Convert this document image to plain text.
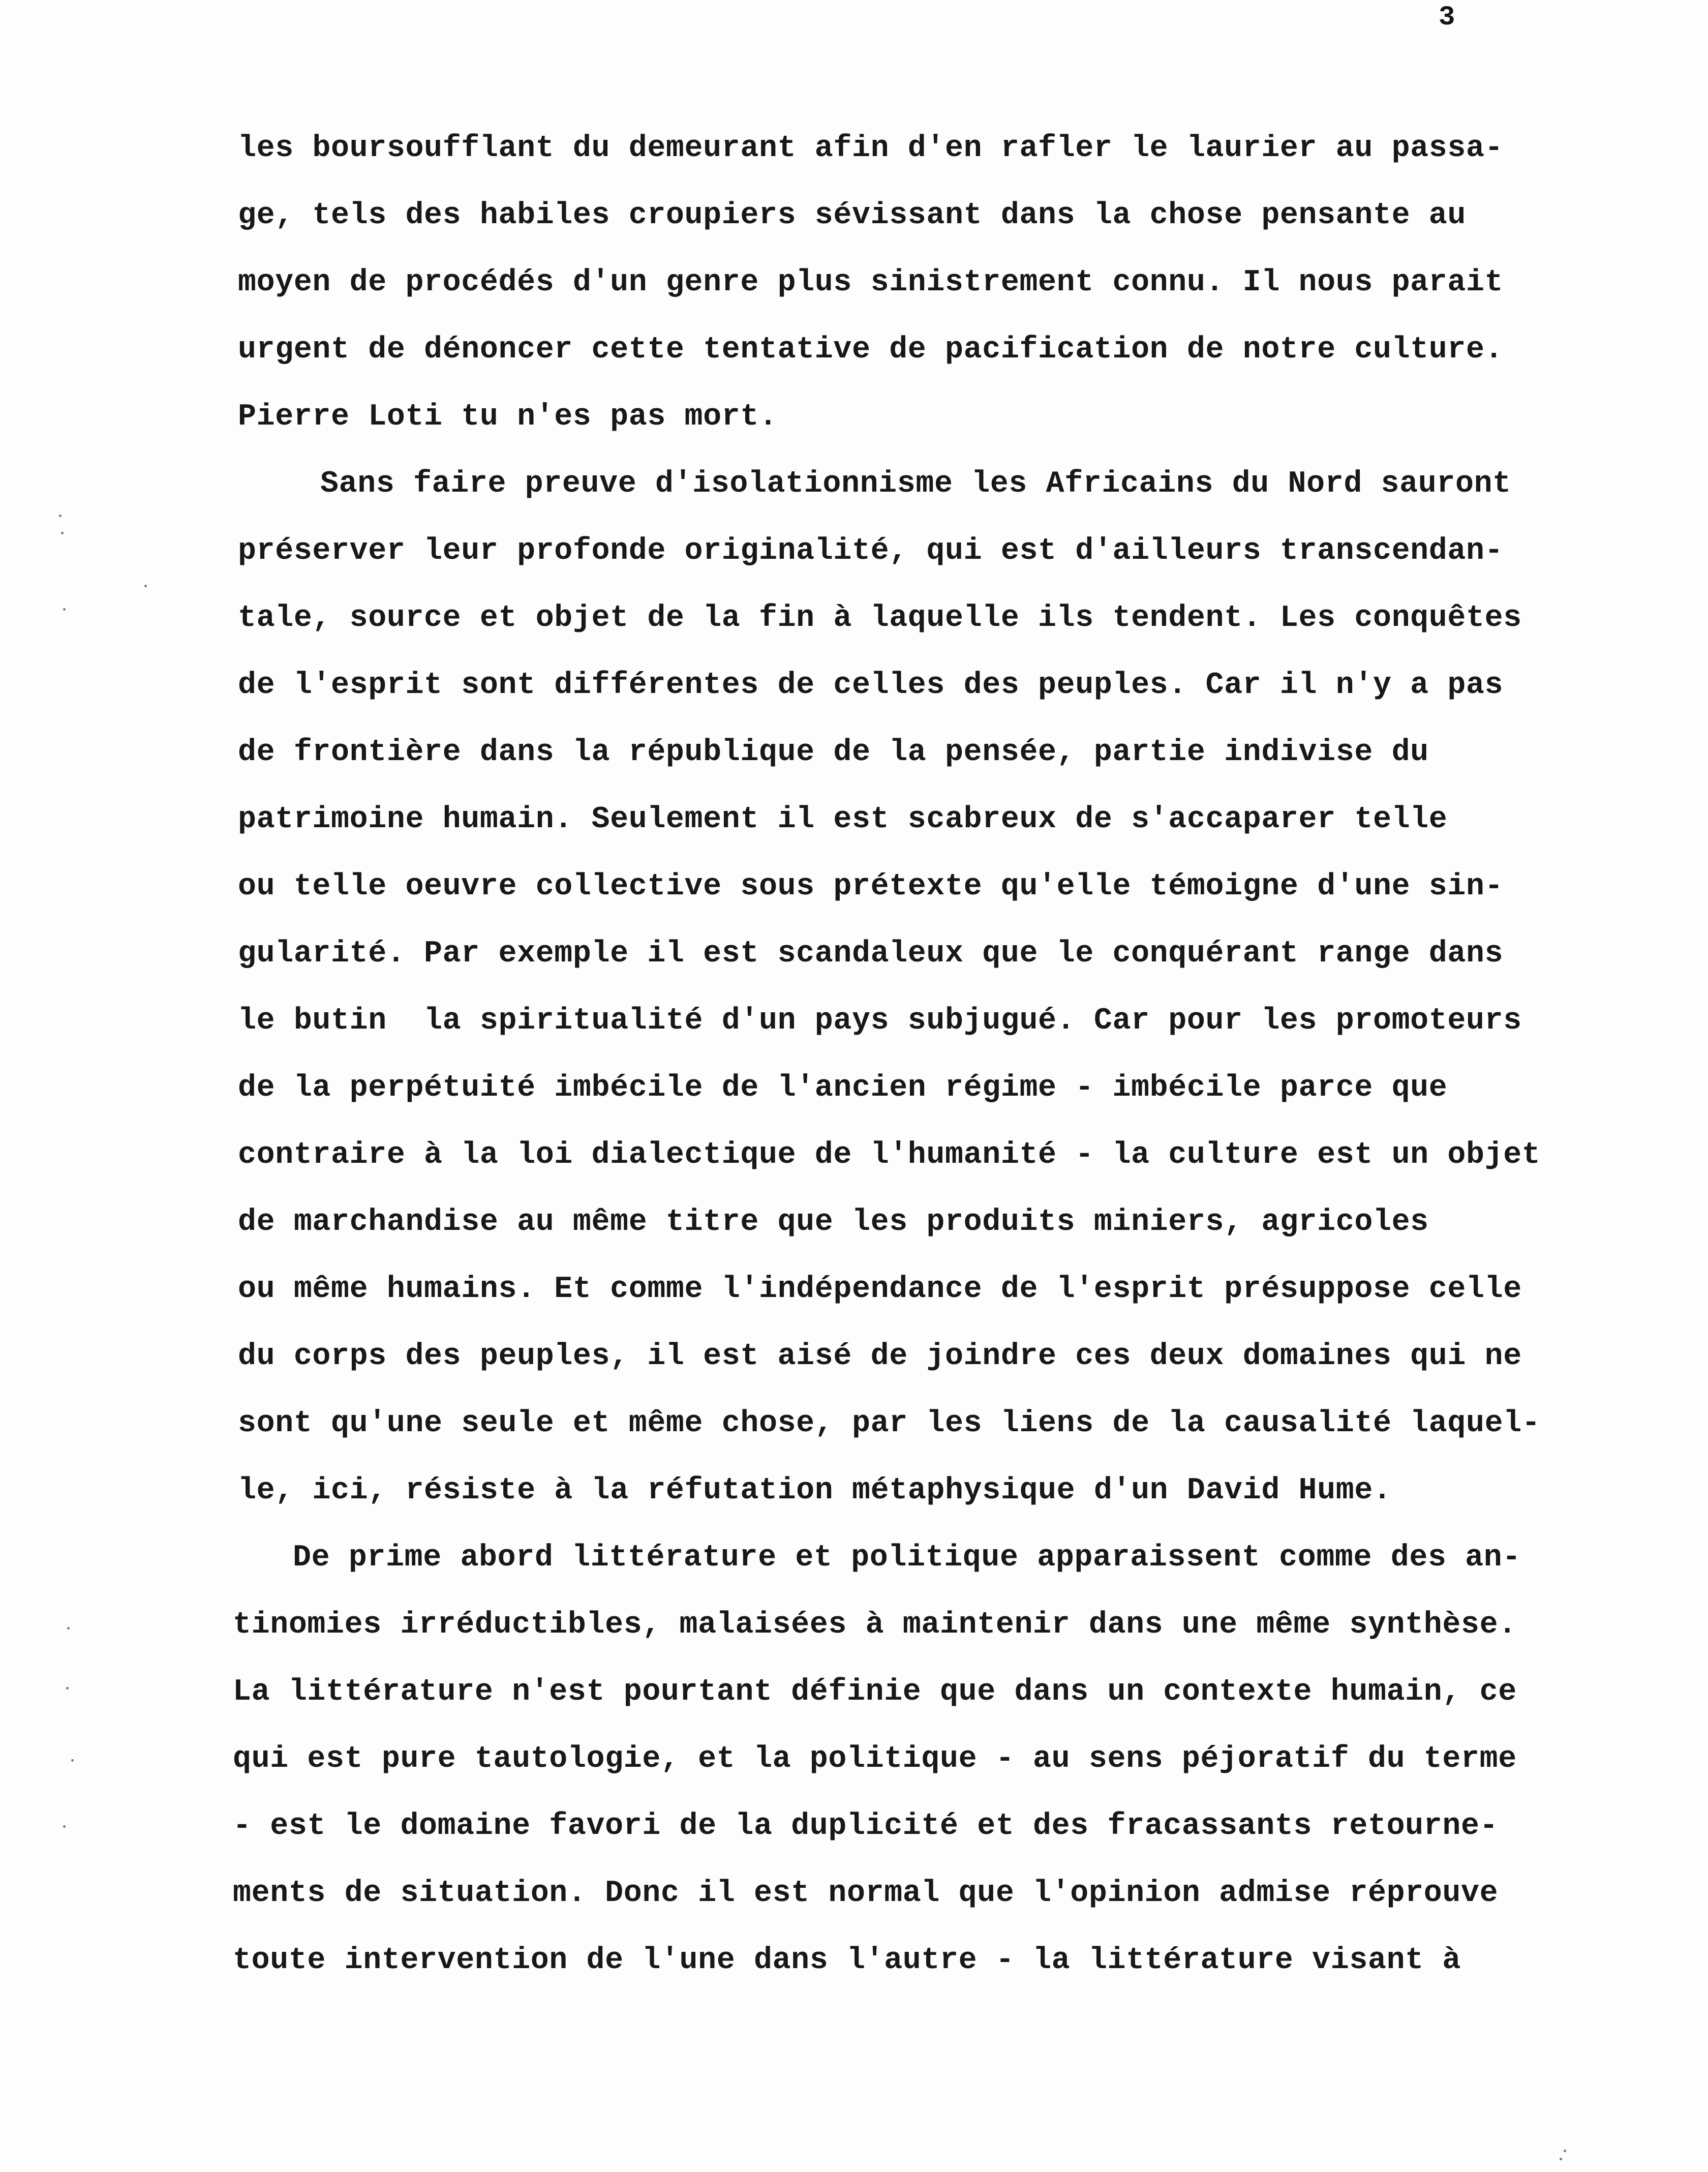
3
les boursoufflant du demeurant afin d'en rafler le laurier au passa-
ge, tels des habiles croupiers sévissant dans la chose pensante au
moyen de procédés d'un genre plus sinistrement connu. Il nous parait
urgent de dénoncer cette tentative de pacification de notre culture.
Pierre Loti tu n'es pas mort.
Sans faire preuve d'isolationnisme les Africains du Nord sauront
préserver leur profonde originalité, qui est d'ailleurs transcendan-
tale, source et objet de la fin à laquelle ils tendent. Les conquêtes
de l'esprit sont différentes de celles des peuples. Car il n'y a pas
de frontière dans la république de la pensée, partie indivise du
patrimoine humain. Seulement il est scabreux de s'accaparer telle
ou telle oeuvre collective sous prétexte qu'elle témoigne d'une sin-
gularité. Par exemple il est scandaleux que le conquérant range dans
le butin  la spiritualité d'un pays subjugué. Car pour les promoteurs
de la perpétuité imbécile de l'ancien régime - imbécile parce que
contraire à la loi dialectique de l'humanité - la culture est un objet
de marchandise au même titre que les produits miniers, agricoles
ou même humains. Et comme l'indépendance de l'esprit présuppose celle
du corps des peuples, il est aisé de joindre ces deux domaines qui ne
sont qu'une seule et même chose, par les liens de la causalité laquel-
le, ici, résiste à la réfutation métaphysique d'un David Hume.
De prime abord littérature et politique apparaissent comme des an-
tinomies irréductibles, malaisées à maintenir dans une même synthèse.
La littérature n'est pourtant définie que dans un contexte humain, ce
qui est pure tautologie, et la politique - au sens péjoratif du terme
- est le domaine favori de la duplicité et des fracassants retourne-
ments de situation. Donc il est normal que l'opinion admise réprouve
toute intervention de l'une dans l'autre - la littérature visant à
